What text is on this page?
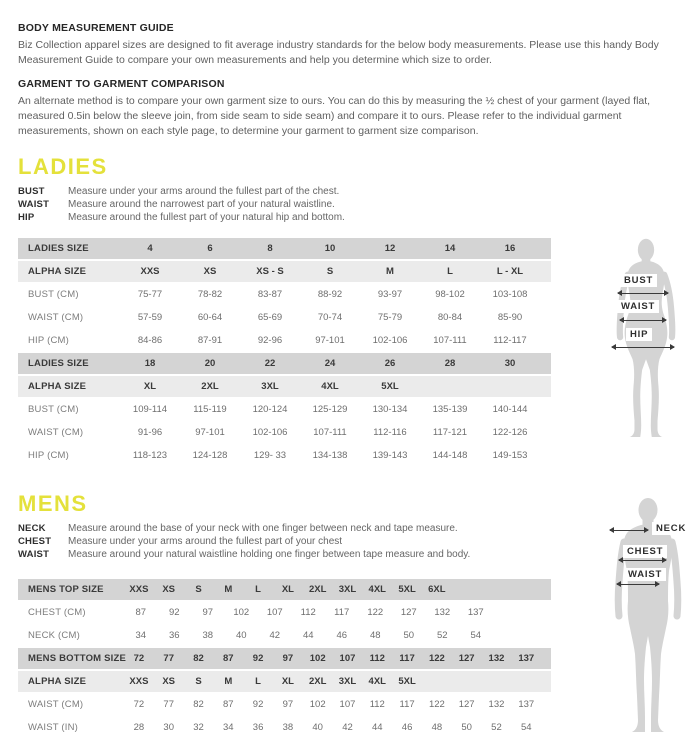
BODY MEASUREMENT GUIDE
Biz Collection apparel sizes are designed to fit average industry standards for the below body measurements. Please use this handy Body Measurement Guide to compare your own measurements and help you determine which size to order.
GARMENT TO GARMENT COMPARISON
An alternate method is to compare your own garment size to ours. You can do this by measuring the ½ chest of your garment (layed flat, measured 0.5in below the sleeve join, from side seam to side seam) and compare it to ours. Please refer to the individual garment measurements, shown on each style page, to determine your garment to garment size comparison.
LADIES
BUST	Measure under your arms around the fullest part of the chest.
WAIST	Measure around the narrowest part of your natural waistline.
HIP	Measure around the fullest part of your natural hip and bottom.
LADIES SIZE	4	6	8	10	12	14	16
ALPHA SIZE	XXS	XS	XS - S	S	M	L	L - XL
BUST (CM)	75-77	78-82	83-87	88-92	93-97	98-102	103-108
WAIST (CM)	57-59	60-64	65-69	70-74	75-79	80-84	85-90
HIP (CM)	84-86	87-91	92-96	97-101	102-106	107-111	112-117
LADIES SIZE	18	20	22	24	26	28	30
ALPHA SIZE	XL	2XL	3XL	4XL	5XL
BUST (CM)	109-114	115-119	120-124	125-129	130-134	135-139	140-144
WAIST (CM)	91-96	97-101	102-106	107-111	112-116	117-121	122-126
HIP (CM)	118-123	124-128	129- 33	134-138	139-143	144-148	149-153
MENS
NECK	Measure around the base of your neck with one finger between neck and tape measure.
CHEST	Measure under your arms around the fullest part of your chest
WAIST	Measure around your natural waistline holding one finger between tape measure and body.
MENS TOP SIZE	XXS	XS	S	M	L	XL	2XL	3XL	4XL	5XL	6XL
CHEST (CM)	87	92	97	102	107	112	117	122	127	132	137
NECK (CM)	34	36	38	40	42	44	46	48	50	52	54
MENS BOTTOM SIZE 72	77	82	87	92	97	102	107	112	117	122	127	132	137
ALPHA SIZE	XXS	XS	S	M	L	XL	2XL	3XL	4XL	5XL
WAIST (CM)	72	77	82	87	92	97	102	107	112	117	122	127	132	137
WAIST (IN)	28	30	32	34	36	38	40	42	44	46	48	50	52	54
BUST
WAIST
HIP
NECK
CHEST
WAIST
